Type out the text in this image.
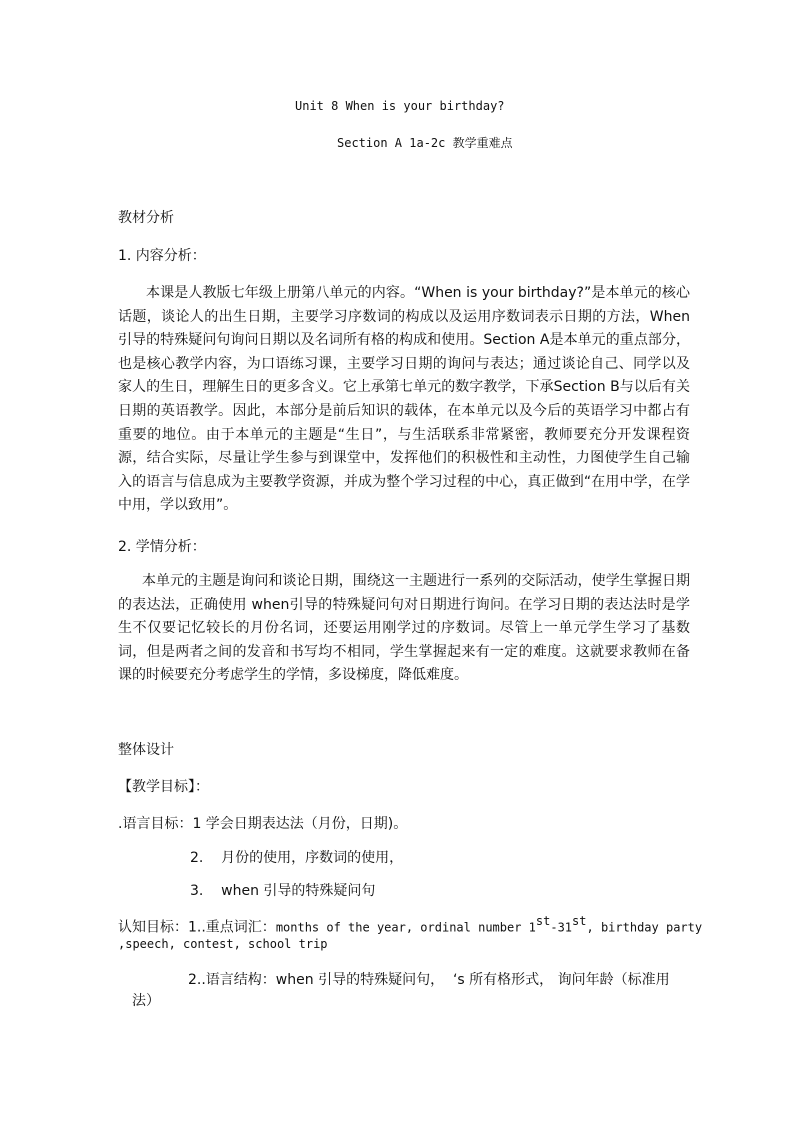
Unit 8 When is your birthday?
Section A 1a-2c 教学重难点
教材分析
1. 内容分析：
本课是人教版七年级上册第八单元的内容。“When is your birthday?”是本单元的核心话题，谈论人的出生日期，主要学习序数词的构成以及运用序数词表示日期的方法，When引导的特殊疑问句询问日期以及名词所有格的构成和使用。Section A是本单元的重点部分，也是核心教学内容，为口语练习课，主要学习日期的询问与表达；通过谈论自己、同学以及家人的生日，理解生日的更多含义。它上承第七单元的数字教学，下承Section B与以后有关日期的英语教学。因此，本部分是前后知识的载体，在本单元以及今后的英语学习中都占有重要的地位。由于本单元的主题是“生日”，与生活联系非常紧密，教师要充分开发课程资源，结合实际，尽量让学生参与到课堂中，发挥他们的积极性和主动性，力图使学生自己输入的语言与信息成为主要教学资源，并成为整个学习过程的中心，真正做到“在用中学，在学中用，学以致用”。
2. 学情分析：
本单元的主题是询问和谈论日期，围绕这一主题进行一系列的交际活动，使学生掌握日期的表达法，正确使用 when引导的特殊疑问句对日期进行询问。在学习日期的表达法时是学生不仅要记忆较长的月份名词，还要运用刚学过的序数词。尽管上一单元学生学习了基数词，但是两者之间的发音和书写均不相同，学生掌握起来有一定的难度。这就要求教师在备课的时候要充分考虑学生的学情，多设梯度，降低难度。
整体设计
【教学目标】：
.语言目标：1 学会日期表达法（月份，日期)。
2.    月份的使用，序数词的使用，
3.    when 引导的特殊疑问句
认知目标：1..重点词汇：months of the year, ordinal number 1st-31st, birthday party
,speech, contest, school trip
2..语言结构：when 引导的特殊疑问句，  ‘s 所有格形式， 询问年龄（标准用
法）
